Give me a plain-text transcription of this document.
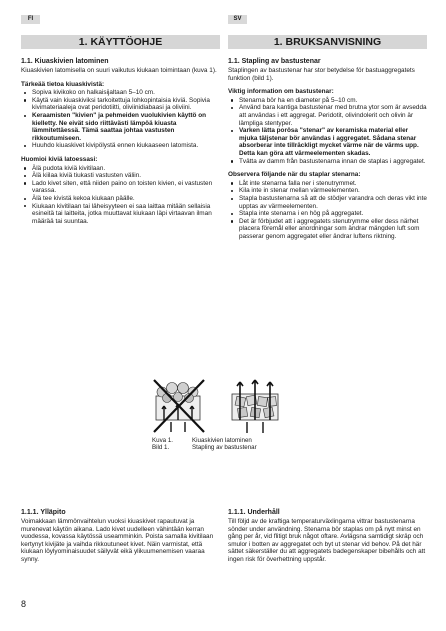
FI	SV
1. KÄYTTÖOHJE	1. BRUKSANVISNING
1.1. Kiuaskivien latominen

Kiuaskivien latomisella on suuri vaikutus kiukaan toimintaan (kuva 1).

Tärkeää tietoa kiuaskivistä:
Sopiva kivikoko on halkaisijaltaan 5–10 cm.
Käytä vain kiuaskiviksi tarkoitettuja lohkopintaisia kiviä. Sopivia kivimateriaaleja ovat peridotiitti, oliviinidiabaasi ja oliviini.
Keraamisten "kivien" ja pehmeiden vuolukivien käyttö on kielletty. Ne eivät sido riittävästi lämpöä kiuasta lämmitettäessä. Tämä saattaa johtaa vastusten rikkoutumiseen.
Huuhdo kiuaskivet kivipölystä ennen kiukaaseen latomista.
Huomioi kiviä latoessasi:
Älä pudota kiviä kivitilaan.
Älä kiilaa kiviä tiukasti vastusten väliin.
Lado kivet siten, että niiden paino on toisten kivien, ei vastusten varassa.
Älä tee kivistä kekoa kiukaan päälle.
Kiukaan kivitilaan tai läheisyyteen ei saa laittaa mitään sellaisia esineitä tai laitteita, jotka muuttavat kiukaan läpi virtaavan ilman määrää tai suuntaa.
1.1. Stapling av bastustenar

Staplingen av bastustenar har stor betydelse för bastuaggregatets funktion (bild 1).

Viktig information om bastustenar:
Stenarna bör ha en diameter på 5–10 cm.
Använd bara kantiga bastustenar med brutna ytor som är avsedda att användas i ett aggregat. Peridotit, olivindolerit och olivin är lämpliga stentyper.
Varken lätta porösa "stenar" av keramiska material eller mjuka täljstenar bör användas i aggregatet. Sådana stenar absorberar inte tillräckligt mycket värme när de värms upp. Detta kan göra att värmeelementen skadas.
Tvätta av damm från bastustenarna innan de staplas i aggregatet.
Observera följande när du staplar stenarna:
Låt inte stenarna falla ner i stenutrymmet.
Kila inte in stenar mellan värmeelementen.
Stapla bastustenarna så att de stödjer varandra och deras vikt inte upptas av värmeelementen.
Stapla inte stenarna i en hög på aggregatet.
Det är förbjudet att i aggregatets stenutrymme eller dess närhet placera föremål eller anordningar som ändrar mängden luft som passerar genom aggregatet eller ändrar luftens riktning.
Kuva 1.	Kiuaskivien latominen
Bild 1.	Stapling av bastustenar
1.1.1. Ylläpito

Voimakkaan lämmönvaihtelun vuoksi kiuaskivet rapautuvat ja murenevat käytön aikana. Lado kivet uudelleen vähintään kerran vuodessa, kovassa käytössä useamminkin. Poista samalla kivitilaan kertynyt kivijäte ja vaihda rikkoutuneet kivet. Näin varmistat, että kiukaan löylyominaisuudet säilyvät eikä ylikuumenemisen vaaraa synny.

1.1.1. Underhåll

Till följd av de kraftiga temperaturväxlingarna vittrar bastustenarna sönder under användning. Stenarna bör staplas om på nytt minst en gång per år, vid flitigt bruk något oftare. Avlägsna samtidigt skräp och smulor i botten av aggregatet och byt ut stenar vid behov. På det här sättet säkerställer du att aggregatets badegenskaper bibehålls och att ingen risk för överhettning uppstår.

8
